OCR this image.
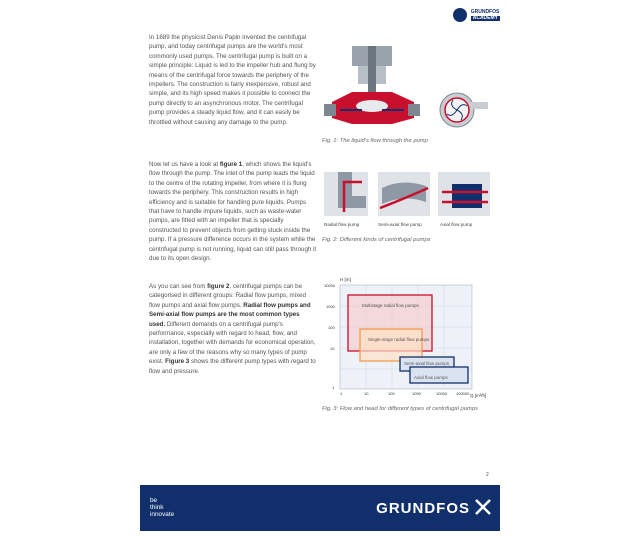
GRUNDFOS
ACADEMY

In 1689 the physicist Denis Papin invented the centrifugal pump, and today centrifugal pumps are the world's most commonly used pumps. The centrifugal pump is built on a simple principle: Liquid is led to the impeller hub and flung by means of the centrifugal force towards the periphery of the impellers. The construction is fairly inexpensive, robust and simple, and its high speed makes it possible to connect the pump directly to an asynchronous motor. The centrifugal pump provides a steady liquid flow, and it can easily be throttled without causing any damage to the pump.

Now let us have a look at figure 1, which shows the liquid's flow through the pump. The inlet of the pump leads the liquid to the centre of the rotating impeller, from where it is flung towards the periphery. This construction results in high efficiency and is suitable for handling pure liquids. Pumps that have to handle impure liquids, such as waste-water pumps, are fitted with an impeller that is specially constructed to prevent objects from getting stuck inside the pump. If a pressure difference occurs in the system while the centrifugal pump is not running, liquid can still pass through it due to its open design.

As you can see from figure 2, centrifugal pumps can be categorised in different groups: Radial flow pumps, mixed flow pumps and axial flow pumps. Radial flow pumps and Semi-axial flow pumps are the most common types used. Different demands on a centrifugal pump's performance, especially with regard to head, flow, and installation, together with demands for economical operation, are only a few of the reasons why so many types of pump exist. Figure 3 shows the different pump types with regard to flow and pressure.

Fig. 1: The liquid's flow through the pump
Radial flow pump	Semi-axial flow pump	Axial flow pump
Fig. 2: Different kinds of centrifugal pumps
Multistage radial flow pumps
Single-stage radial flow pumps
Semi-axial flow pumps
Axial flow pumps
H [m]
Q [m³/h]
10000
1000
100
10
1
1	10	100	1000	10000 100000
Fig. 3: Flow and head for different types of centrifugal pumps
2
be
think
innovate	GRUNDFOS
